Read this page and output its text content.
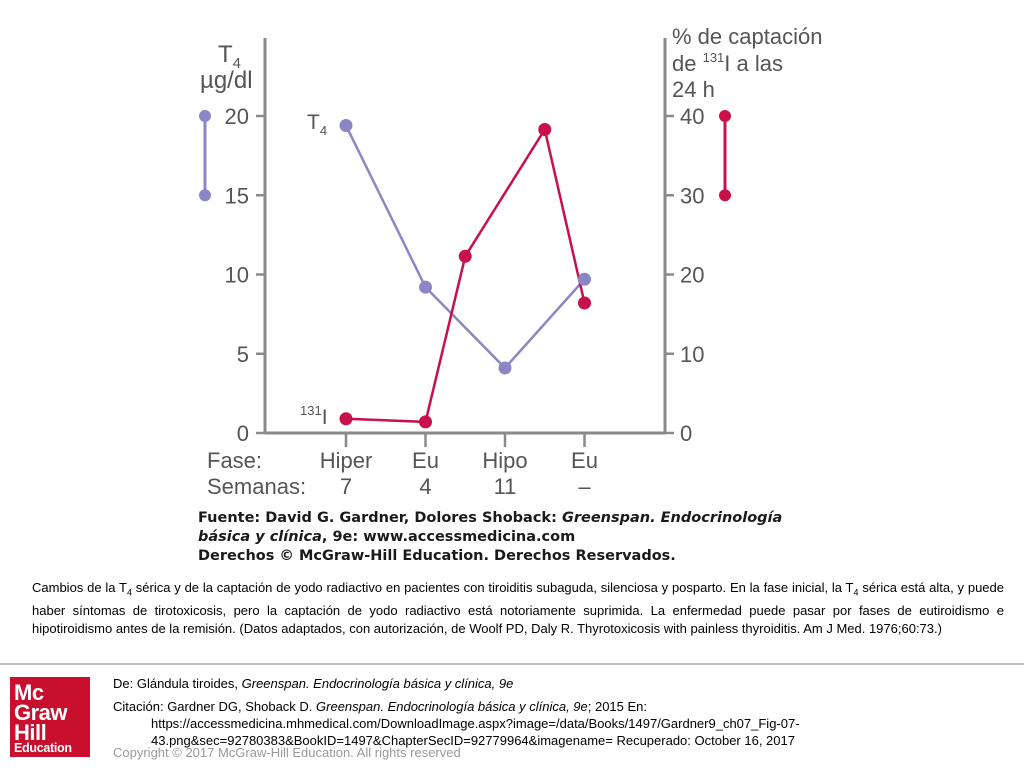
0
5
10
15
20
0
10
20
30
40
$T_4$
µg/dl
% de captación
de $^{131}$I a las
24 h
$T_4$
$^{131}$I
Fase:
Semanas:
Hiper
7
Eu
4
Hipo
11
Eu
–
Fuente: David G. Gardner, Dolores Shoback: Greenspan. Endocrinología
básica y clínica, 9e: www.accessmedicina.com
Derechos © McGraw-Hill Education. Derechos Reservados.
Cambios de la $T_4$ sérica y de la captación de yodo radiactivo en pacientes con tiroiditis subaguda, silenciosa y posparto. En la fase inicial, la $T_4$ sérica está alta, y puede haber síntomas de tirotoxicosis, pero la captación de yodo radiactivo está notoriamente suprimida. La enfermedad puede pasar por fases de eutiroidismo e hipotiroidismo antes de la remisión. (Datos adaptados, con autorización, de Woolf PD, Daly R. Thyrotoxicosis with painless thyroiditis. Am J Med. 1976;60:73.)
Mc
Graw
Hill
Education
De: Glándula tiroides, Greenspan. Endocrinología básica y clínica, 9e
Citación: Gardner DG, Shoback D. Greenspan. Endocrinología básica y clínica, 9e; 2015 En:
https://accessmedicina.mhmedical.com/DownloadImage.aspx?image=/data/Books/1497/Gardner9_ch07_Fig-07-
43.png&sec=92780383&BookID=1497&ChapterSecID=92779964&imagename= Recuperado: October 16, 2017
Copyright © 2017 McGraw-Hill Education. All rights reserved
